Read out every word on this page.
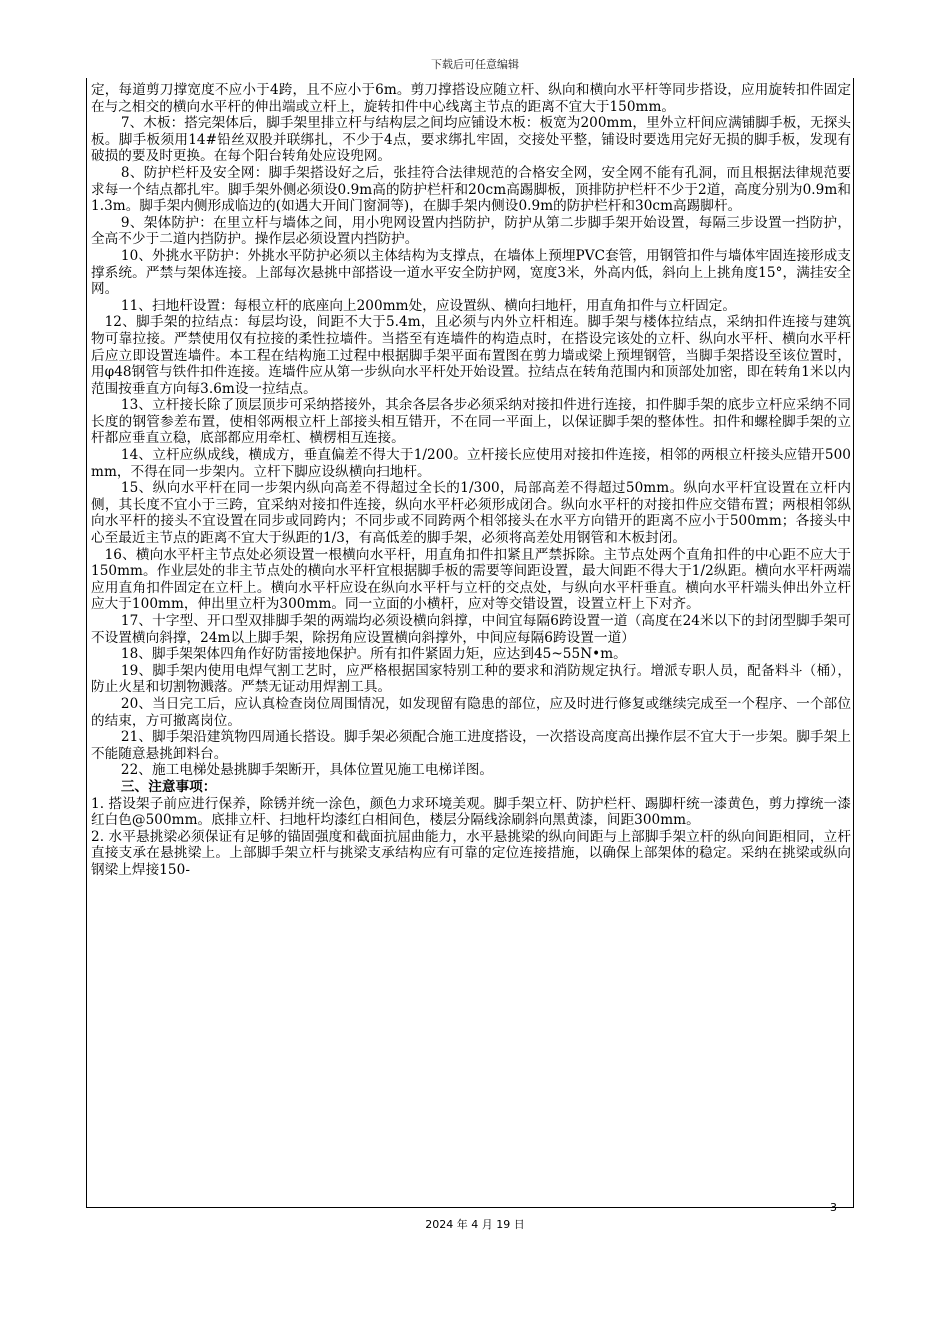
下载后可任意编辑

定，每道剪刀撑宽度不应小于4跨，且不应小于6m。剪刀撑搭设应随立杆、纵向和横向水平杆等同步搭设，应用旋转扣件固定在与之相交的横向水平杆的伸出端或立杆上，旋转扣件中心线离主节点的距离不宜大于150mm。

7、木板：搭完架体后，脚手架里排立杆与结构层之间均应铺设木板：板宽为200mm，里外立杆间应满铺脚手板，无探头板。脚手板须用14#铅丝双股并联绑扎，不少于4点，要求绑扎牢固，交接处平整，铺设时要选用完好无损的脚手板，发现有破损的要及时更换。在每个阳台转角处应设兜网。

8、防护栏杆及安全网：脚手架搭设好之后，张挂符合法律规范的合格安全网，安全网不能有孔洞，而且根据法律规范要求每一个结点都扎牢。脚手架外侧必须设0.9m高的防护栏杆和20cm高踢脚板，顶排防护栏杆不少于2道，高度分别为0.9m和1.3m。脚手架内侧形成临边的(如遇大开间门窗洞等)，在脚手架内侧设0.9m的防护栏杆和30cm高踢脚杆。

9、架体防护：在里立杆与墙体之间，用小兜网设置内挡防护，防护从第二步脚手架开始设置，每隔三步设置一挡防护，全高不少于二道内挡防护。操作层必须设置内挡防护。

10、外挑水平防护：外挑水平防护必须以主体结构为支撑点，在墙体上预埋PVC套管，用钢管扣件与墙体牢固连接形成支撑系统。严禁与架体连接。上部每次悬挑中部搭设一道水平安全防护网，宽度3米，外高内低，斜向上上挑角度15°，满挂安全网。

11、扫地杆设置：每根立杆的底座向上200mm处，应设置纵、横向扫地杆，用直角扣件与立杆固定。

12、脚手架的拉结点：每层均设，间距不大于5.4m，且必须与内外立杆相连。脚手架与楼体拉结点，采纳扣件连接与建筑物可靠拉接。严禁使用仅有拉接的柔性拉墙件。当搭至有连墙件的构造点时，在搭设完该处的立杆、纵向水平杆、横向水平杆后应立即设置连墙件。本工程在结构施工过程中根据脚手架平面布置图在剪力墙或梁上预埋钢管，当脚手架搭设至该位置时，用φ48钢管与铁件扣件连接。连墙件应从第一步纵向水平杆处开始设置。拉结点在转角范围内和顶部处加密，即在转角1米以内范围按垂直方向每3.6m设一拉结点。

13、立杆接长除了顶层顶步可采纳搭接外，其余各层各步必须采纳对接扣件进行连接，扣件脚手架的底步立杆应采纳不同长度的钢管参差布置，使相邻两根立杆上部接头相互错开，不在同一平面上，以保证脚手架的整体性。扣件和螺栓脚手架的立杆都应垂直立稳，底部都应用牵杠、横楞相互连接。

14、立杆应纵成线，横成方，垂直偏差不得大于1/200。立杆接长应使用对接扣件连接，相邻的两根立杆接头应错开500mm，不得在同一步架内。立杆下脚应设纵横向扫地杆。

15、纵向水平杆在同一步架内纵向高差不得超过全长的1/300，局部高差不得超过50mm。纵向水平杆宜设置在立杆内侧，其长度不宜小于三跨，宜采纳对接扣件连接，纵向水平杆必须形成闭合。纵向水平杆的对接扣件应交错布置；两根相邻纵向水平杆的接头不宜设置在同步或同跨内；不同步或不同跨两个相邻接头在水平方向错开的距离不应小于500mm；各接头中心至最近主节点的距离不宜大于纵距的1/3，有高低差的脚手架，必须将高差处用钢管和木板封闭。

16、横向水平杆主节点处必须设置一根横向水平杆，用直角扣件扣紧且严禁拆除。主节点处两个直角扣件的中心距不应大于150mm。作业层处的非主节点处的横向水平杆宜根据脚手板的需要等间距设置，最大间距不得大于1/2纵距。横向水平杆两端应用直角扣件固定在立杆上。横向水平杆应设在纵向水平杆与立杆的交点处，与纵向水平杆垂直。横向水平杆端头伸出外立杆应大于100mm，伸出里立杆为300mm。同一立面的小横杆，应对等交错设置，设置立杆上下对齐。

17、十字型、开口型双排脚手架的两端均必须设横向斜撑，中间宜每隔6跨设置一道（高度在24米以下的封闭型脚手架可不设置横向斜撑，24m以上脚手架，除拐角应设置横向斜撑外，中间应每隔6跨设置一道）

18、脚手架架体四角作好防雷接地保护。所有扣件紧固力矩，应达到45~55N•m。

19、脚手架内使用电焊气割工艺时，应严格根据国家特别工种的要求和消防规定执行。增派专职人员，配备料斗（桶），防止火星和切割物溅落。严禁无证动用焊割工具。

20、当日完工后，应认真检查岗位周围情况，如发现留有隐患的部位，应及时进行修复或继续完成至一个程序、一个部位的结束，方可撤离岗位。

21、脚手架沿建筑物四周通长搭设。脚手架必须配合施工进度搭设，一次搭设高度高出操作层不宜大于一步架。脚手架上不能随意悬挑卸料台。

22、施工电梯处悬挑脚手架断开，具体位置见施工电梯详图。

三、注意事项：

1. 搭设架子前应进行保养，除锈并统一涂色，颜色力求环境美观。脚手架立杆、防护栏杆、踢脚杆统一漆黄色，剪力撑统一漆红白色@500mm。底排立杆、扫地杆均漆红白相间色，楼层分隔线涂刷斜向黑黄漆，间距300mm。

2. 水平悬挑梁必须保证有足够的锚固强度和截面抗屈曲能力，水平悬挑梁的纵向间距与上部脚手架立杆的纵向间距相同，立杆直接支承在悬挑梁上。上部脚手架立杆与挑梁支承结构应有可靠的定位连接措施，以确保上部架体的稳定。采纳在挑梁或纵向钢梁上焊接150-

3
2024 年 4 月 19 日
